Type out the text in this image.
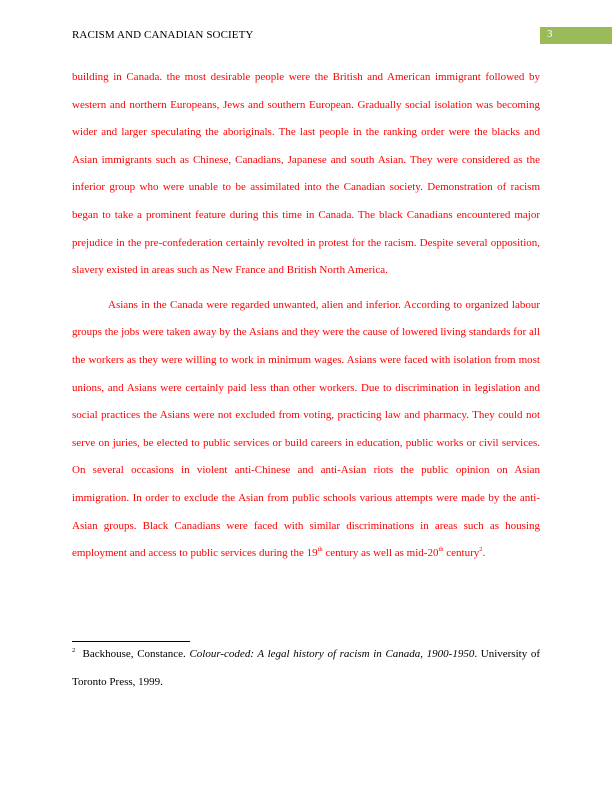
RACISM AND CANADIAN SOCIETY	3

building in Canada. the most desirable people were the British and American immigrant followed by western and northern Europeans, Jews and southern European. Gradually social isolation was becoming wider and larger speculating the aboriginals. The last people in the ranking order were the blacks and Asian immigrants such as Chinese, Canadians, Japanese and south Asian. They were considered as the inferior group who were unable to be assimilated into the Canadian society. Demonstration of racism began to take a prominent feature during this time in Canada. The black Canadians encountered major prejudice in the pre-confederation certainly revolted in protest for the racism. Despite several opposition, slavery existed in areas such as New France and British North America.

Asians in the Canada were regarded unwanted, alien and inferior. According to organized labour groups the jobs were taken away by the Asians and they were the cause of lowered living standards for all the workers as they were willing to work in minimum wages. Asians were faced with isolation from most unions, and Asians were certainly paid less than other workers. Due to discrimination in legislation and social practices the Asians were not excluded from voting, practicing law and pharmacy. They could not serve on juries, be elected to public services or build careers in education, public works or civil services. On several occasions in violent anti-Chinese and anti-Asian riots the public opinion on Asian immigration. In order to exclude the Asian from public schools various attempts were made by the anti-Asian groups. Black Canadians were faced with similar discriminations in areas such as housing employment and access to public services during the 19th century as well as mid-20th century$^2$.

$^2$ Backhouse, Constance. Colour-coded: A legal history of racism in Canada, 1900-1950. University of Toronto Press, 1999.
